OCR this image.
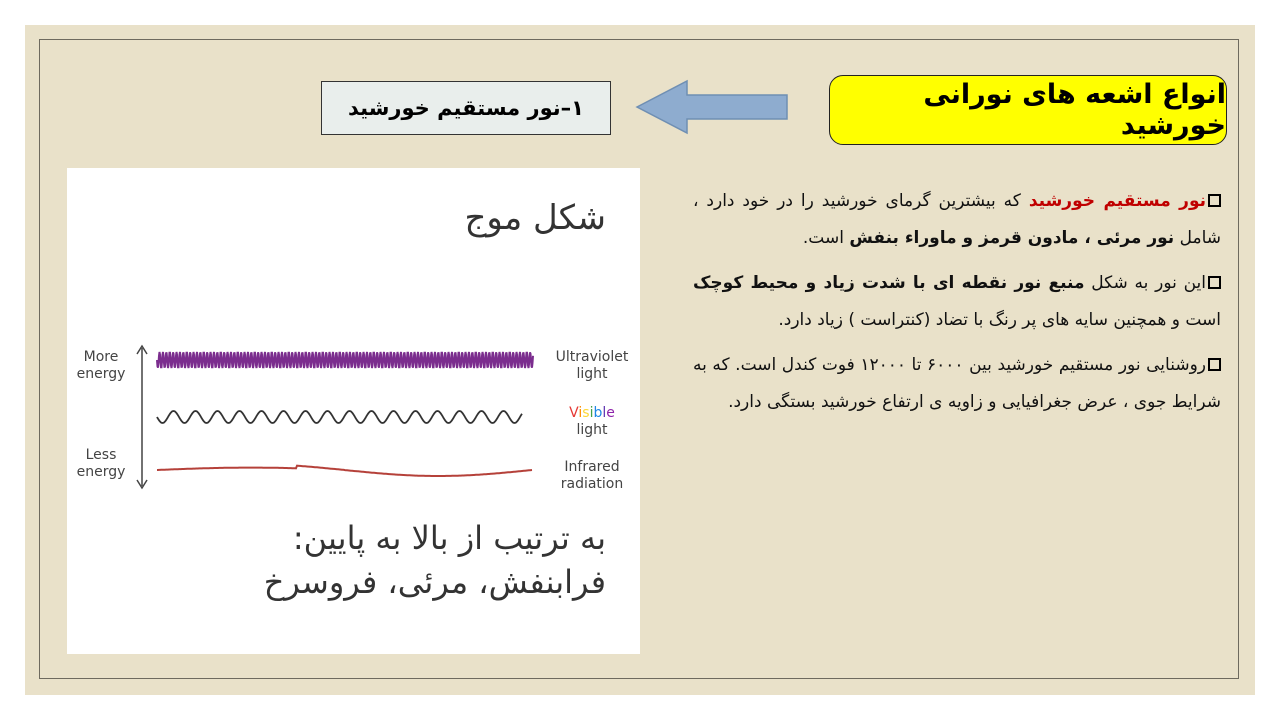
انواع اشعه های نورانی خورشید
۱–نور مستقیم خورشید
شکل موج
More
energy
Less
energy
Ultraviolet
light
Visible
light
Infrared
radiation
به ترتیب از بالا به پایین:
فرابنفش، مرئی، فروسرخ

نور مستقیم خورشید که بیشترین گرمای خورشید را در خود دارد ، شامل نور مرئی ، مادون قرمز و ماوراء بنفش است.

این نور به شکل منبع نور نقطه ای با شدت زیاد و محیط کوچک است و همچنین سایه های پر رنگ با تضاد (کنتراست ) زیاد دارد.

روشنایی نور مستقیم خورشید بین ۶۰۰۰ تا ۱۲۰۰۰ فوت کندل است. که به شرایط جوی ، عرض جغرافیایی و زاویه ی ارتفاع خورشید بستگی دارد.
